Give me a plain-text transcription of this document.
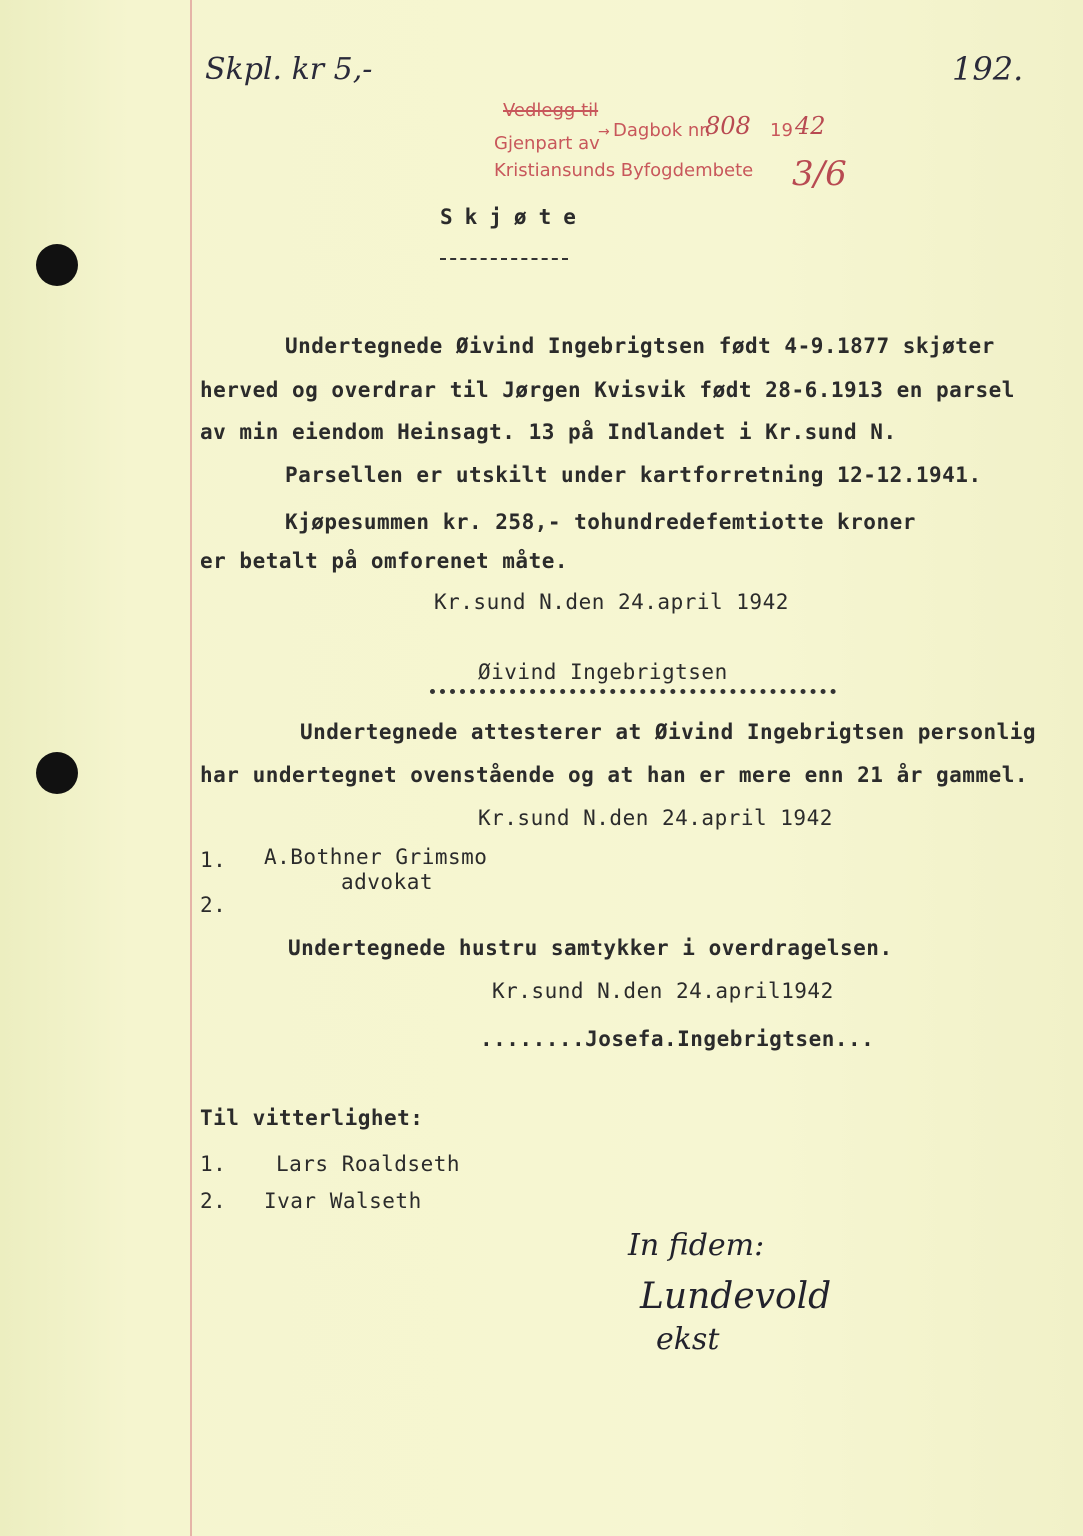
Skpl. kr 5,-	192.
Vedlegg til
Gjenpart av
→ Dagbok nr.
808 19 42
Kristiansunds Byfogdembete 3/6
Skjøte
Undertegnede Øivind Ingebrigtsen født 4-9.1877 skjøter
herved og overdrar til Jørgen Kvisvik født 28-6.1913 en parsel
av min eiendom Heinsagt. 13 på Indlandet i Kr.sund N.
Parsellen er utskilt under kartforretning 12-12.1941.
Kjøpesummen kr. 258,- tohundredefemtiotte kroner
er betalt på omforenet måte.
Kr.sund N.den 24.april 1942
Øivind Ingebrigtsen
Undertegnede attesterer at Øivind Ingebrigtsen personlig
har undertegnet ovenstående og at han er mere enn 21 år gammel.
Kr.sund N.den 24.april 1942
1. A.Bothner Grimsmo
advokat
2.
Undertegnede hustru samtykker i overdragelsen.
Kr.sund N.den 24.april1942
........Josefa.Ingebrigtsen...
Til vitterlighet:
1. Lars Roaldseth
2. Ivar Walseth
In fidem:
Lundevold
ekst
